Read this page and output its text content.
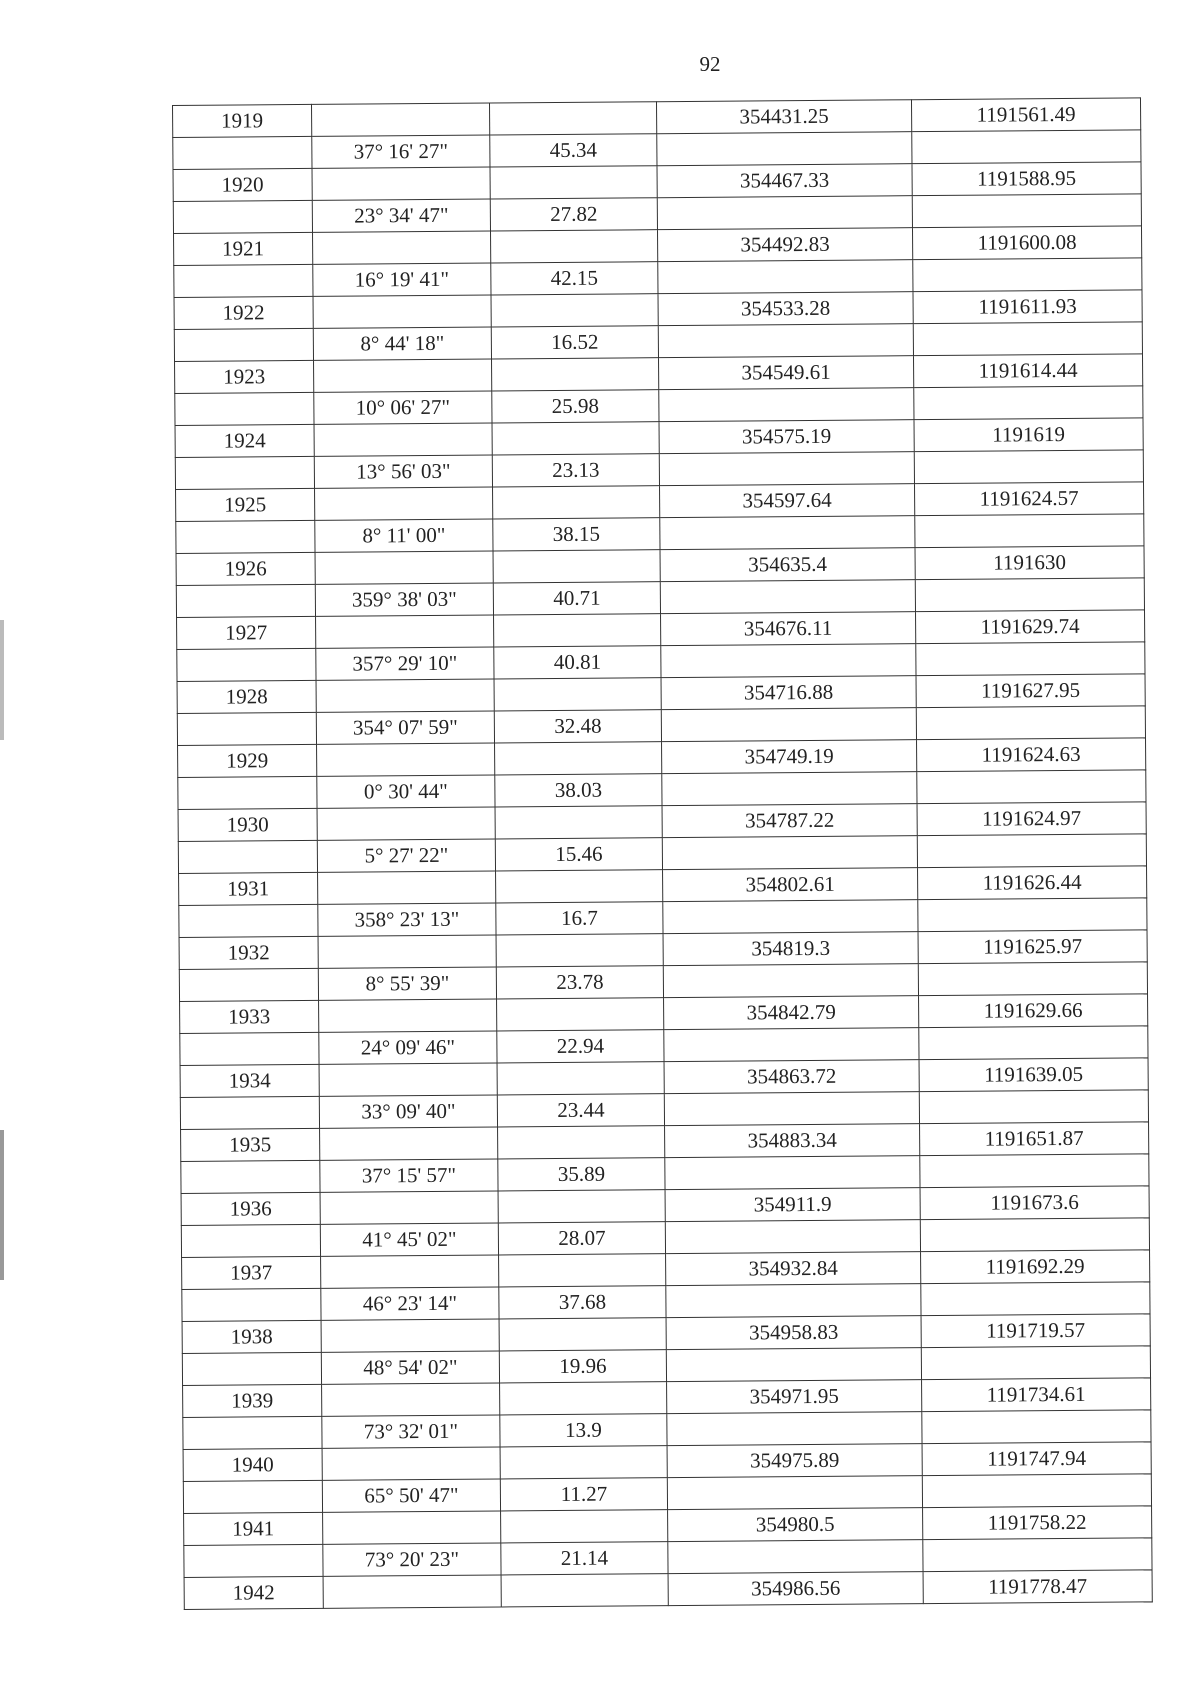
92
1919			354431.25	1191561.49
	37° 16' 27"	45.34		
1920			354467.33	1191588.95
	23° 34' 47"	27.82		
1921			354492.83	1191600.08
	16° 19' 41"	42.15		
1922			354533.28	1191611.93
	8° 44' 18"	16.52		
1923			354549.61	1191614.44
	10° 06' 27"	25.98		
1924			354575.19	1191619
	13° 56' 03"	23.13		
1925			354597.64	1191624.57
	8° 11' 00"	38.15		
1926			354635.4	1191630
	359° 38' 03"	40.71		
1927			354676.11	1191629.74
	357° 29' 10"	40.81		
1928			354716.88	1191627.95
	354° 07' 59"	32.48		
1929			354749.19	1191624.63
	0° 30' 44"	38.03		
1930			354787.22	1191624.97
	5° 27' 22"	15.46		
1931			354802.61	1191626.44
	358° 23' 13"	16.7		
1932			354819.3	1191625.97
	8° 55' 39"	23.78		
1933			354842.79	1191629.66
	24° 09' 46"	22.94		
1934			354863.72	1191639.05
	33° 09' 40"	23.44		
1935			354883.34	1191651.87
	37° 15' 57"	35.89		
1936			354911.9	1191673.6
	41° 45' 02"	28.07		
1937			354932.84	1191692.29
	46° 23' 14"	37.68		
1938			354958.83	1191719.57
	48° 54' 02"	19.96		
1939			354971.95	1191734.61
	73° 32' 01"	13.9		
1940			354975.89	1191747.94
	65° 50' 47"	11.27		
1941			354980.5	1191758.22
	73° 20' 23"	21.14		
1942			354986.56	1191778.47
